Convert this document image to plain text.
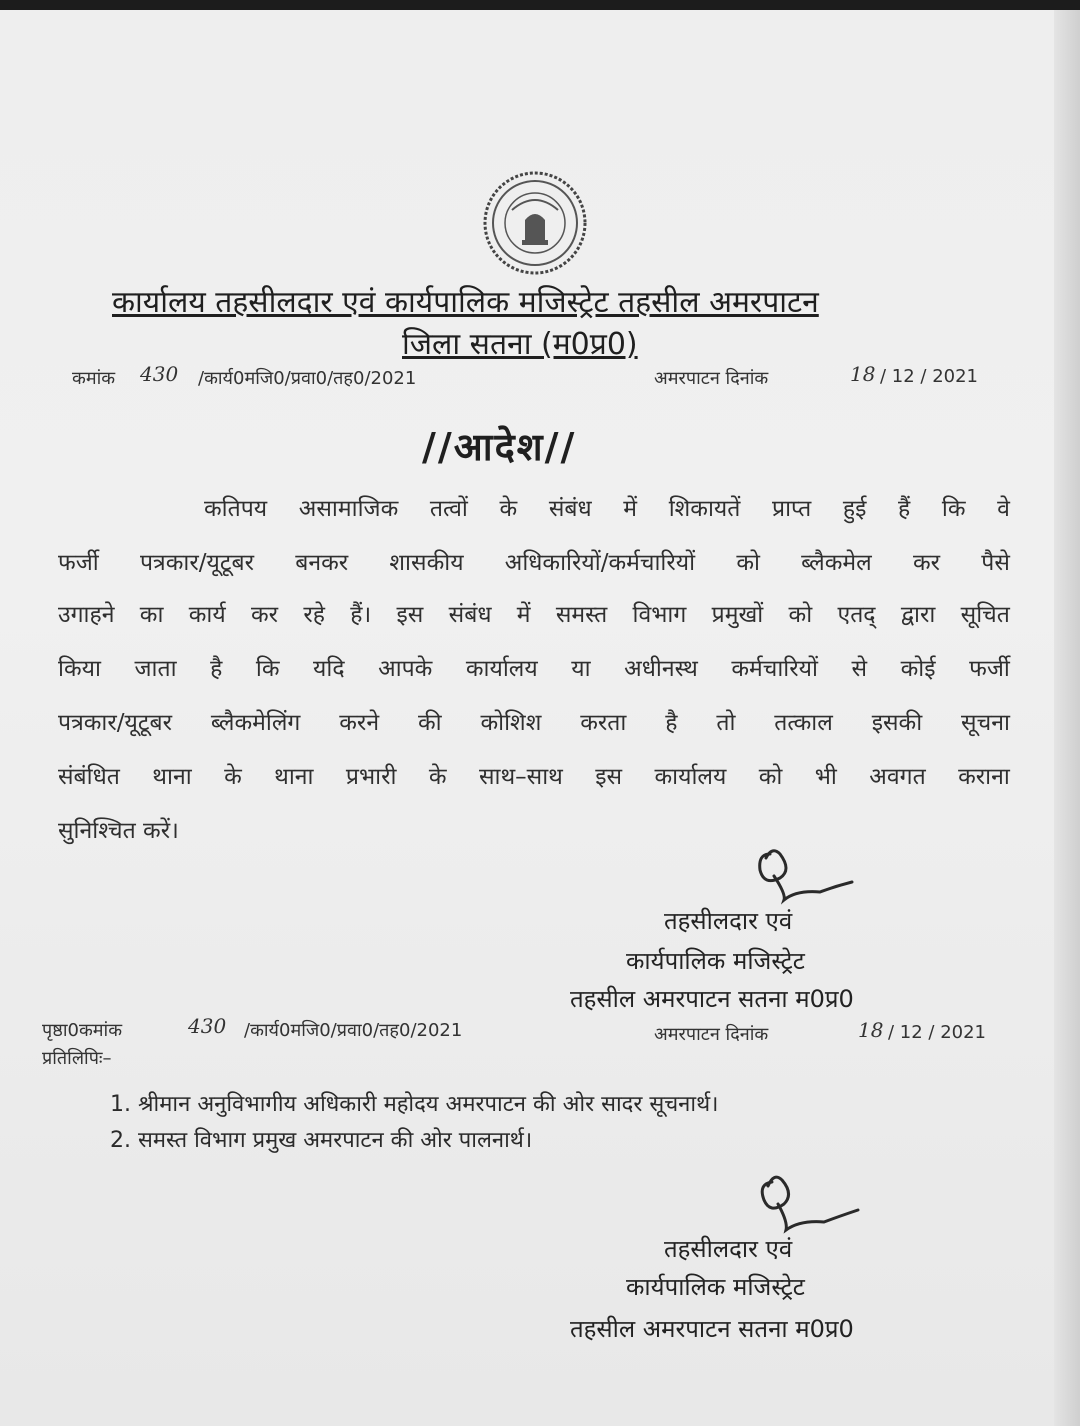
कार्यालय तहसीलदार एवं कार्यपालिक मजिस्ट्रेट तहसील अमरपाटन
जिला सतना (म0प्र0)
कमांक 430 /कार्य0मजि0/प्रवा0/तह0/2021	अमरपाटन दिनांक	18 / 12 / 2021
//आदेश//
कतिपय असामाजिक तत्वों के संबंध में शिकायतें प्राप्त हुई हैं कि वे
फर्जी पत्रकार/यूटूबर बनकर शासकीय अधिकारियों/कर्मचारियों को ब्लैकमेल कर पैसे
उगाहने का कार्य कर रहे हैं। इस संबंध में समस्त विभाग प्रमुखों को एतद् द्वारा सूचित
किया जाता है कि यदि आपके कार्यालय या अधीनस्थ कर्मचारियों से कोई फर्जी
पत्रकार/यूटूबर ब्लैकमेलिंग करने की कोशिश करता है तो तत्काल इसकी सूचना
संबंधित थाना के थाना प्रभारी के साथ–साथ इस कार्यालय को भी अवगत कराना
सुनिश्चित करें।
तहसीलदार एवं
कार्यपालिक मजिस्ट्रेट
तहसील अमरपाटन सतना म0प्र0
पृष्ठा0कमांक	430 /कार्य0मजि0/प्रवा0/तह0/2021	अमरपाटन दिनांक	18 / 12 / 2021
प्रतिलिपिः–
1. श्रीमान अनुविभागीय अधिकारी महोदय अमरपाटन की ओर सादर सूचनार्थ।
2. समस्त विभाग प्रमुख अमरपाटन की ओर पालनार्थ।
तहसीलदार एवं
कार्यपालिक मजिस्ट्रेट
तहसील अमरपाटन सतना म0प्र0
